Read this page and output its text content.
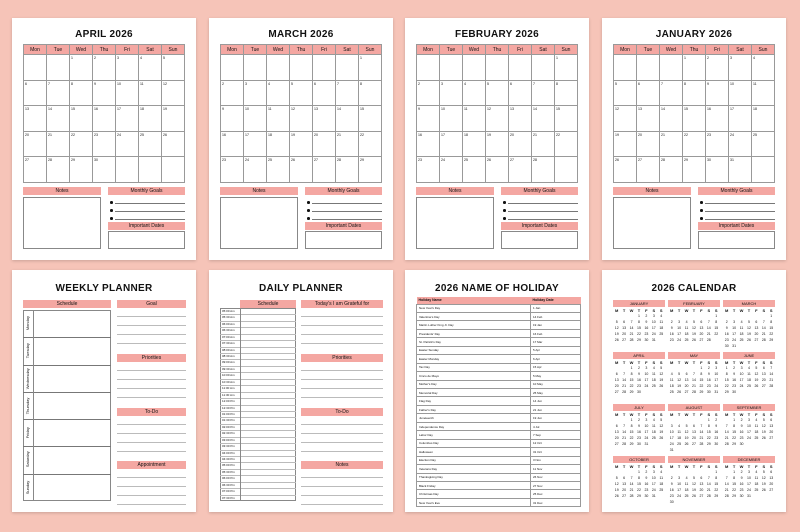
APRIL 2026
Mon	Tue	Wed	Thu	Fri	Sat	Sun
		1	2	3	4	5
6	7	8	9	10	11	12
13	14	15	16	17	18	19
20	21	22	23	24	25	26
27	28	29	30			
Notes	Monthly Goals
Important Dates
MARCH 2026
Mon	Tue	Wed	Thu	Fri	Sat	Sun
						1
2	3	4	5	6	7	8
9	10	11	12	13	14	15
16	17	18	19	20	21	22
23	24	25	26	27	28	29
Notes	Monthly Goals
Important Dates
FEBRUARY 2026
Mon	Tue	Wed	Thu	Fri	Sat	Sun
						1
2	3	4	5	6	7	8
9	10	11	12	13	14	15
16	17	18	19	20	21	22
23	24	25	26	27	28	
Notes	Monthly Goals
Important Dates
JANUARY 2026
Mon	Tue	Wed	Thu	Fri	Sat	Sun
			1	2	3	4
5	6	7	8	9	10	11
12	13	14	15	16	17	18
19	20	21	22	23	24	25
26	27	28	29	30	31	
Notes	Monthly Goals
Important Dates
WEEKLY PLANNER
Schedule
Monday
Tuesday
Wednesday
Thursday
Friday
Saturday
Sunday
Goal
Priorities
To-Do
Appointment
DAILY PLANNER
Schedule
05:00 Am
05:30 Am
06:00 Am
06:30 Am
07:00 Am
07:30 Am
08:00 Am
08:30 Am
09:00 Am
09:30 Am
10:00 Am
10:30 Am
11:00 Am
11:30 Am
12:00 Pm
12:30 Pm
01:00 Pm
01:30 Pm
02:00 Pm
02:30 Pm
03:00 Pm
03:30 Pm
04:00 Pm
04:30 Pm
05:00 Pm
05:30 Pm
06:00 Pm
06:30 Pm
07:00 Pm
07:30 Pm
Today's I am Grateful for
Priorities
To-Do
Notes
2026 NAME OF HOLIDAY
Holiday Name	Holiday Date
New Year's Day	1 Jan
Valentine's Day	14 Feb
Martin Luther King Jr. Day	19 Jan
Presidents' Day	16 Feb
St. Patrick's Day	17 Mar
Easter Sunday	5 Apr
Easter Monday	6 Apr
Tax Day	15 Apr
Cinco de Mayo	5 May
Mother's Day	10 May
Memorial Day	25 May
Flag Day	14 Jun
Father's Day	21 Jun
Juneteenth	19 Jun
Independence Day	4 Jul
Labor Day	7 Sep
Columbus Day	12 Oct
Halloween	31 Oct
Election Day	3 Nov
Veterans Day	11 Nov
Thanksgiving Day	26 Nov
Black Friday	27 Nov
Christmas Day	25 Dec
New Year's Eve	31 Dec
2026 CALENDAR
JANUARY
M	T	W	T	F	S	S
			1	2	3	4
5	6	7	8	9	10	11
12	13	14	15	16	17	18
19	20	21	22	23	24	25
26	27	28	29	30	31	
FEBRUARY
M	T	W	T	F	S	S
						1
2	3	4	5	6	7	8
9	10	11	12	13	14	15
16	17	18	19	20	21	22
23	24	25	26	27	28	
MARCH
M	T	W	T	F	S	S
						1
2	3	4	5	6	7	8
9	10	11	12	13	14	15
16	17	18	19	20	21	22
23	24	25	26	27	28	29
30	31					
APRIL
M	T	W	T	F	S	S
		1	2	3	4	5
6	7	8	9	10	11	12
13	14	15	16	17	18	19
20	21	22	23	24	25	26
27	28	29	30			
MAY
M	T	W	T	F	S	S
				1	2	3
4	5	6	7	8	9	10
11	12	13	14	15	16	17
18	19	20	21	22	23	24
25	26	27	28	29	30	31
JUNE
M	T	W	T	F	S	S
1	2	3	4	5	6	7
8	9	10	11	12	13	14
15	16	17	18	19	20	21
22	23	24	25	26	27	28
29	30					
JULY
M	T	W	T	F	S	S
		1	2	3	4	5
6	7	8	9	10	11	12
13	14	15	16	17	18	19
20	21	22	23	24	25	26
27	28	29	30	31		
AUGUST
M	T	W	T	F	S	S
					1	2
3	4	5	6	7	8	9
10	11	12	13	14	15	16
17	18	19	20	21	22	23
24	25	26	27	28	29	30
31						
SEPTEMBER
M	T	W	T	F	S	S
	1	2	3	4	5	6
7	8	9	10	11	12	13
14	15	16	17	18	19	20
21	22	23	24	25	26	27
28	29	30				
OCTOBER
M	T	W	T	F	S	S
			1	2	3	4
5	6	7	8	9	10	11
12	13	14	15	16	17	18
19	20	21	22	23	24	25
26	27	28	29	30	31	
NOVEMBER
M	T	W	T	F	S	S
						1
2	3	4	5	6	7	8
9	10	11	12	13	14	15
16	17	18	19	20	21	22
23	24	25	26	27	28	29
30						
DECEMBER
M	T	W	T	F	S	S
	1	2	3	4	5	6
7	8	9	10	11	12	13
14	15	16	17	18	19	20
21	22	23	24	25	26	27
28	29	30	31			
